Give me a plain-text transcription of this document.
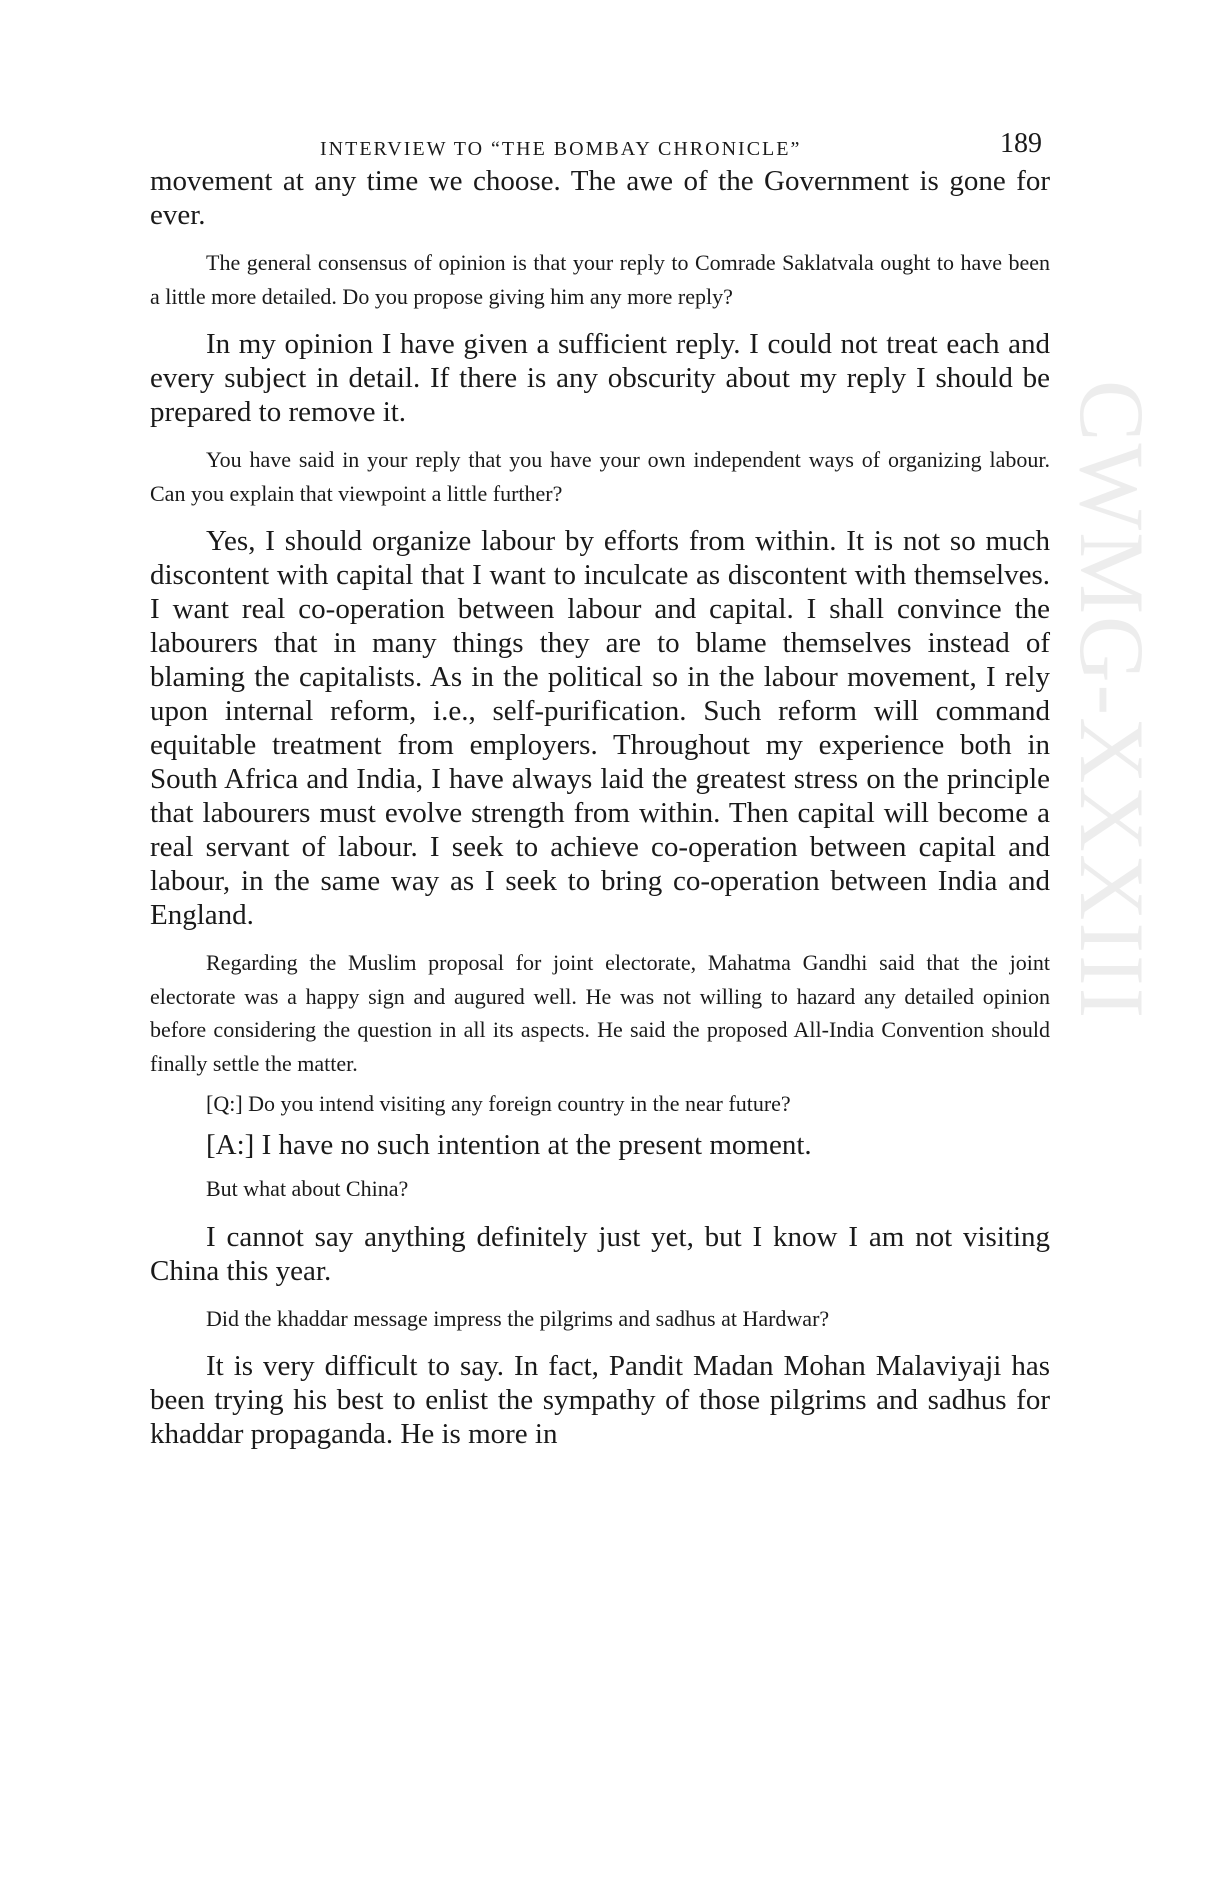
CWMG-XXXIII
INTERVIEW TO “THE BOMBAY CHRONICLE”	189

movement at any time we choose. The awe of the Government is gone for ever.

The general consensus of opinion is that your reply to Comrade Saklatvala ought to have been a little more detailed. Do you propose giving him any more reply?

In my opinion I have given a sufficient reply. I could not treat each and every subject in detail. If there is any obscurity about my reply I should be prepared to remove it.

You have said in your reply that you have your own independent ways of organizing labour. Can you explain that viewpoint a little further?

Yes, I should organize labour by efforts from within. It is not so much discontent with capital that I want to inculcate as discontent with themselves. I want real co-operation between labour and capital. I shall convince the labourers that in many things they are to blame themselves instead of blaming the capitalists. As in the political so in the labour movement, I rely upon internal reform, i.e., self-purification. Such reform will command equitable treatment from employers. Throughout my experience both in South Africa and India, I have always laid the greatest stress on the principle that labourers must evolve strength from within. Then capital will become a real servant of labour. I seek to achieve co-operation between capital and labour, in the same way as I seek to bring co-operation between India and England.

Regarding the Muslim proposal for joint electorate, Mahatma Gandhi said that the joint electorate was a happy sign and augured well. He was not willing to hazard any detailed opinion before considering the question in all its aspects. He said the proposed All-India Convention should finally settle the matter.

[Q:] Do you intend visiting any foreign country in the near future?

[A:] I have no such intention at the present moment.

But what about China?

I cannot say anything definitely just yet, but I know I am not visiting China this year.

Did the khaddar message impress the pilgrims and sadhus at Hardwar?

It is very difficult to say. In fact, Pandit Madan Mohan Malaviyaji has been trying his best to enlist the sympathy of those pilgrims and sadhus for khaddar propaganda. He is more in
